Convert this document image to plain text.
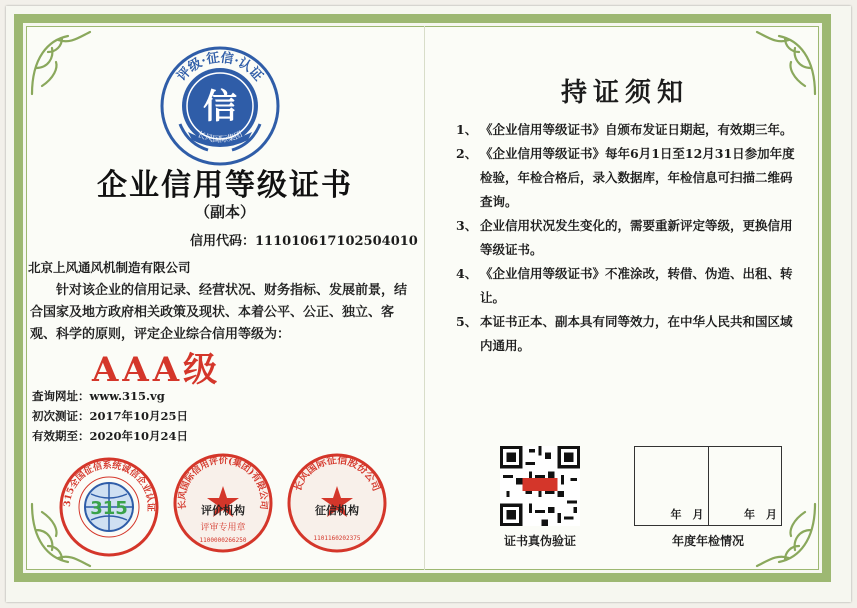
评级·征信·认证
信
长风国际集团
企业信用等级证书
（副本）
信用代码：111010617102504010
北京上风通风机制造有限公司
针对该企业的信用记录、经营状况、财务指标、发展前景，结合国家及地方政府相关政策及现状、本着公平、公正、独立、客观、科学的原则，评定企业综合信用等级为：
AAA级
查询网址：www.315.vg
初次测证：2017年10月25日
有效期至：2020年10月24日
315全国征信系统诚信企业认证
315	长风国际信用评价(集团)有限公司
评价机构
评审专用章
1100000266250
长风国际征信股份公司
征信机构
1101160202375
持证须知
1、 《企业信用等级证书》自颁布发证日期起，有效期三年。
2、 《企业信用等级证书》每年6月1日至12月31日参加年度检验，年检合格后，录入数据库，年检信息可扫描二维码查询。
3、 企业信用状况发生变化的，需要重新评定等级，更换信用等级证书。
4、 《企业信用等级证书》不准涂改，转借、伪造、出租、转让。
5、 本证书正本、副本具有同等效力，在中华人民共和国区域内通用。
证书真伪验证
年　月	年　月
年度年检情况
